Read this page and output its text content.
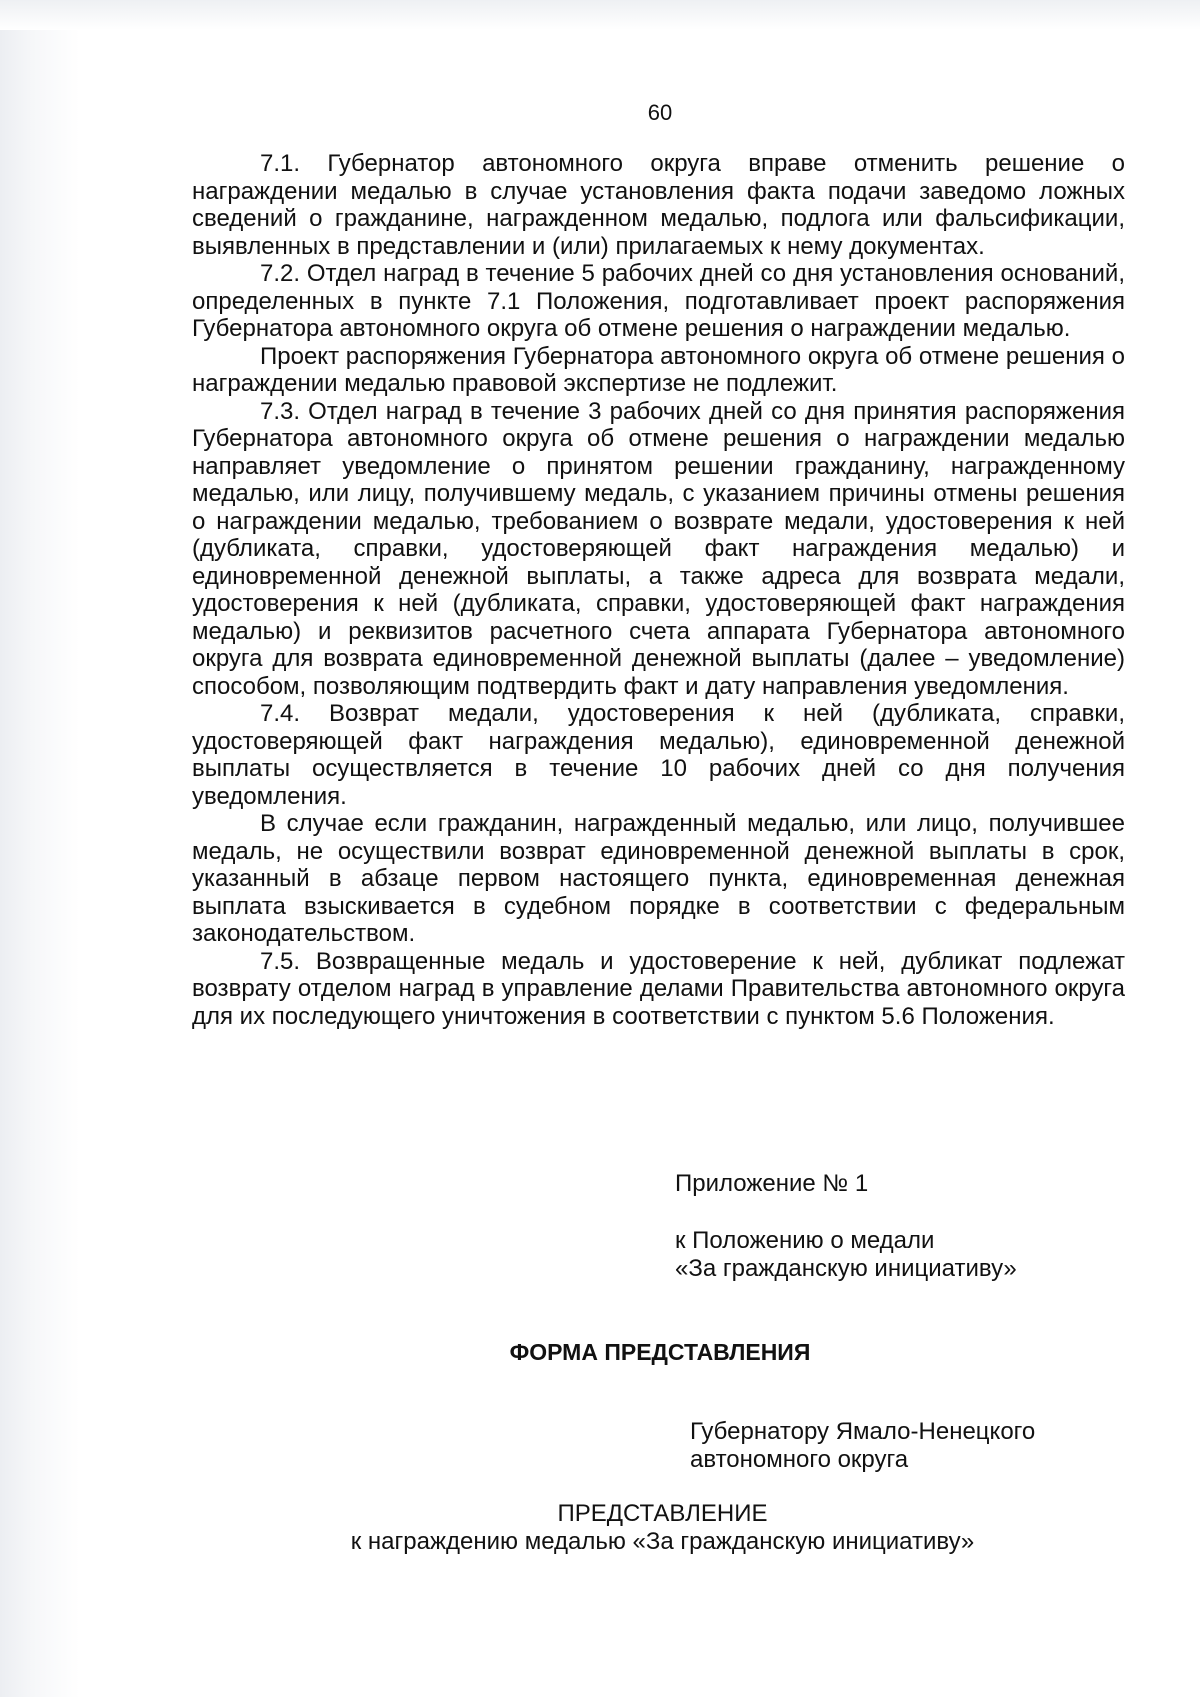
60

7.1. Губернатор автономного округа вправе отменить решение о награждении медалью в случае установления факта подачи заведомо ложных сведений о гражданине, награжденном медалью, подлога или фальсификации, выявленных в представлении и (или) прилагаемых к нему документах.

7.2. Отдел наград в течение 5 рабочих дней со дня установления оснований, определенных в пункте 7.1 Положения, подготавливает проект распоряжения Губернатора автономного округа об отмене решения о награждении медалью.

Проект распоряжения Губернатора автономного округа об отмене решения о награждении медалью правовой экспертизе не подлежит.

7.3. Отдел наград в течение 3 рабочих дней со дня принятия распоряжения Губернатора автономного округа об отмене решения о награждении медалью направляет уведомление о принятом решении гражданину, награжденному медалью, или лицу, получившему медаль, с указанием причины отмены решения о награждении медалью, требованием о возврате медали, удостоверения к ней (дубликата, справки, удостоверяющей факт награждения медалью) и единовременной денежной выплаты, а также адреса для возврата медали, удостоверения к ней (дубликата, справки, удостоверяющей факт награждения медалью) и реквизитов расчетного счета аппарата Губернатора автономного округа для возврата единовременной денежной выплаты (далее – уведомление) способом, позволяющим подтвердить факт и дату направления уведомления.

7.4. Возврат медали, удостоверения к ней (дубликата, справки, удостоверяющей факт награждения медалью), единовременной денежной выплаты осуществляется в течение 10 рабочих дней со дня получения уведомления.

В случае если гражданин, награжденный медалью, или лицо, получившее медаль, не осуществили возврат единовременной денежной выплаты в срок, указанный в абзаце первом настоящего пункта, единовременная денежная выплата взыскивается в судебном порядке в соответствии с федеральным законодательством.

7.5. Возвращенные медаль и удостоверение к ней, дубликат подлежат возврату отделом наград в управление делами Правительства автономного округа для их последующего уничтожения в соответствии с пунктом 5.6 Положения.

Приложение № 1
к Положению о медали
«За гражданскую инициативу»
ФОРМА ПРЕДСТАВЛЕНИЯ
Губернатору Ямало-Ненецкого
автономного округа
ПРЕДСТАВЛЕНИЕ
к награждению медалью «За гражданскую инициативу»
